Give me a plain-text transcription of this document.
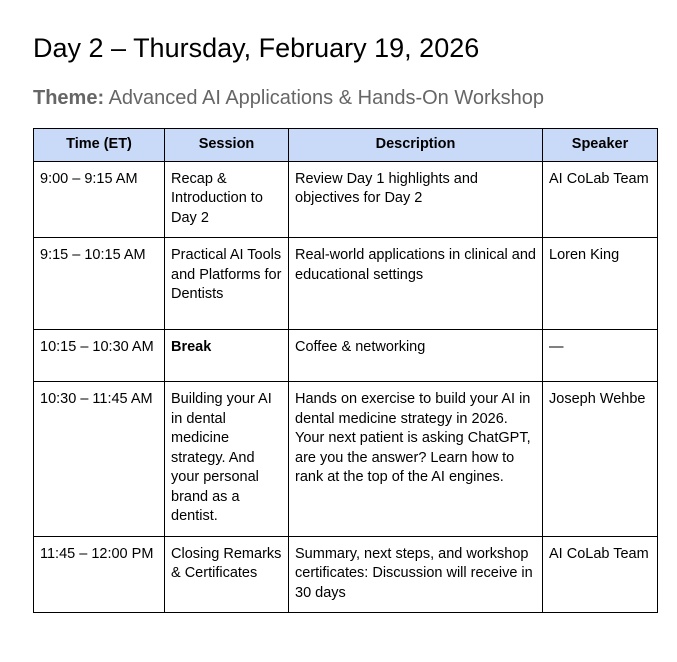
Day 2 – Thursday, February 19, 2026
Theme: Advanced AI Applications & Hands-On Workshop
Time (ET)	Session	Description	Speaker
9:00 – 9:15 AM	Recap & Introduction to Day 2	Review Day 1 highlights and objectives for Day 2	AI CoLab Team
9:15 – 10:15 AM	Practical AI Tools and Platforms for Dentists	Real-world applications in clinical and educational settings	Loren King
10:15 – 10:30 AM	Break	Coffee & networking	—
10:30 – 11:45 AM	Building your AI in dental medicine strategy. And your personal brand as a dentist.	Hands on exercise to build your AI in dental medicine strategy in 2026. Your next patient is asking ChatGPT, are you the answer? Learn how to rank at the top of the AI engines.	Joseph Wehbe
11:45 – 12:00 PM	Closing Remarks & Certificates	Summary, next steps, and workshop certificates: Discussion will receive in 30 days	AI CoLab Team
